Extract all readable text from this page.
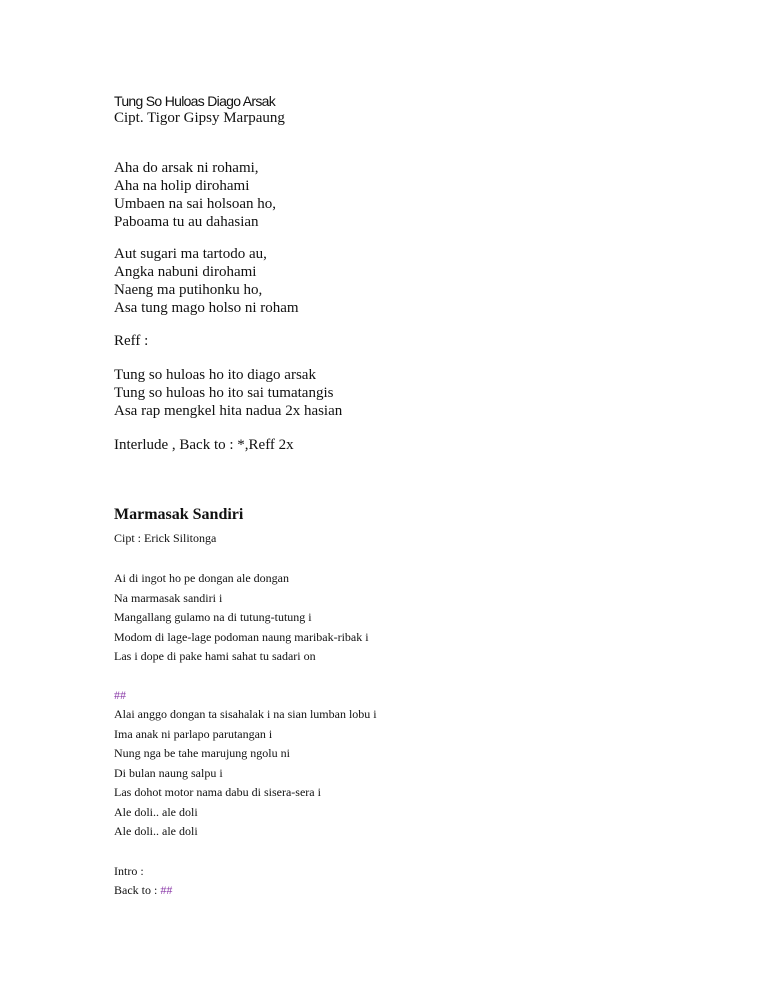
Tung So Huloas Diago Arsak
Cipt. Tigor Gipsy Marpaung
Aha do arsak ni rohami,
Aha na holip dirohami
Umbaen na sai holsoan ho,
Paboama tu au dahasian
Aut sugari ma tartodo au,
Angka nabuni dirohami
Naeng ma putihonku ho,
Asa tung mago holso ni roham
Reff :
Tung so huloas ho ito diago arsak
Tung so huloas ho ito sai tumatangis
Asa rap mengkel hita nadua 2x hasian
Interlude , Back to : *,Reff 2x
Marmasak Sandiri
Cipt : Erick Silitonga
Ai di ingot ho pe dongan ale dongan
Na marmasak sandiri i
Mangallang gulamo na di tutung-tutung i
Modom di lage-lage podoman naung maribak-ribak i
Las i dope di pake hami sahat tu sadari on
##
Alai anggo dongan ta sisahalak i na sian lumban lobu i
Ima anak ni parlapo parutangan i
Nung nga be tahe marujung ngolu ni
Di bulan naung salpu i
Las dohot motor nama dabu di sisera-sera i
Ale doli.. ale doli
Ale doli.. ale doli
Intro :
Back to : ##
